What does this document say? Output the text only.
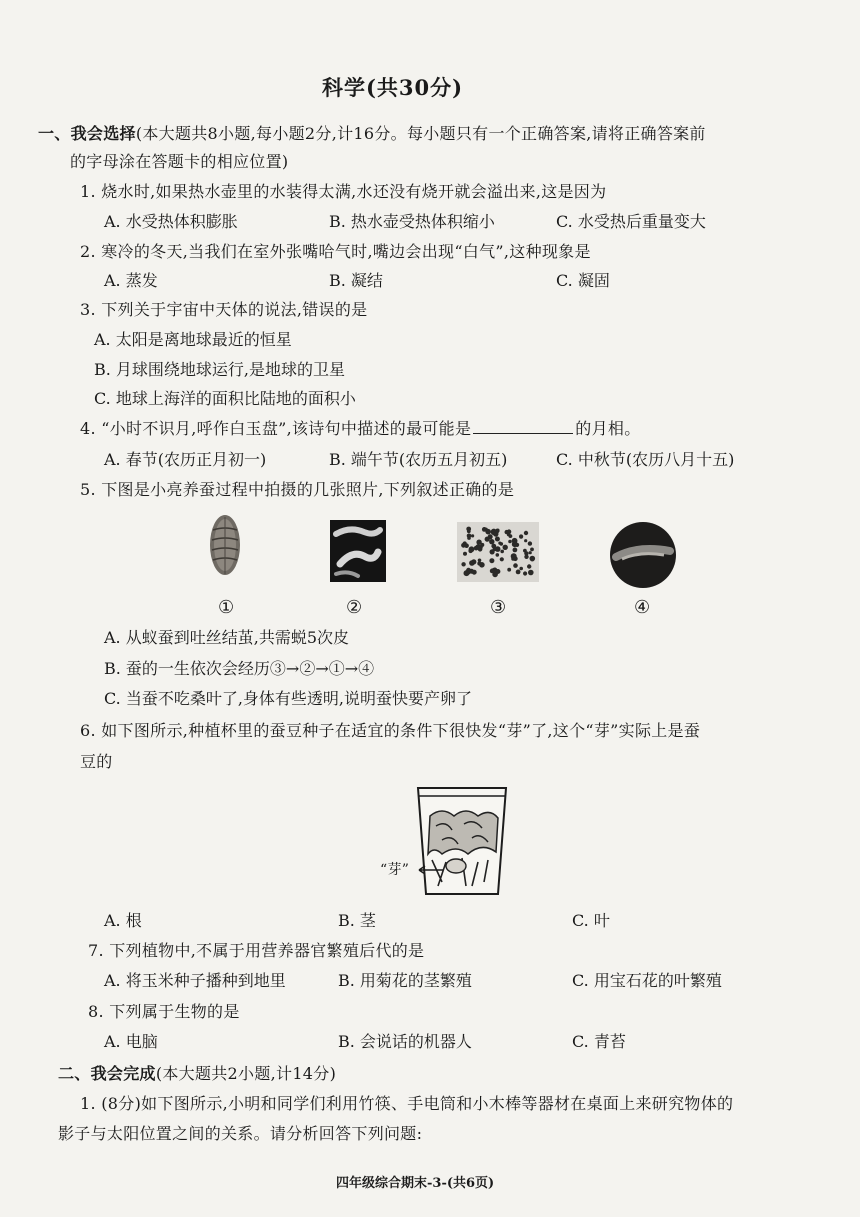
科学(共30分)
一、我会选择(本大题共8小题,每小题2分,计16分。每小题只有一个正确答案,请将正确答案前
的字母涂在答题卡的相应位置)
1. 烧水时,如果热水壶里的水装得太满,水还没有烧开就会溢出来,这是因为
A. 水受热体积膨胀	B. 热水壶受热体积缩小	C. 水受热后重量变大
2. 寒冷的冬天,当我们在室外张嘴哈气时,嘴边会出现“白气”,这种现象是
A. 蒸发	B. 凝结	C. 凝固
3. 下列关于宇宙中天体的说法,错误的是
A. 太阳是离地球最近的恒星
B. 月球围绕地球运行,是地球的卫星
C. 地球上海洋的面积比陆地的面积小
4. “小时不识月,呼作白玉盘”,该诗句中描述的最可能是	的月相。
A. 春节(农历正月初一)	B. 端午节(农历五月初五)	C. 中秋节(农历八月十五)
5. 下图是小亮养蚕过程中拍摄的几张照片,下列叙述正确的是
①	②	③	④
A. 从蚁蚕到吐丝结茧,共需蜕5次皮
B. 蚕的一生依次会经历③→②→①→④
C. 当蚕不吃桑叶了,身体有些透明,说明蚕快要产卵了
6. 如下图所示,种植杯里的蚕豆种子在适宜的条件下很快发“芽”了,这个“芽”实际上是蚕
豆的
“芽”
A. 根	B. 茎	C. 叶
7. 下列植物中,不属于用营养器官繁殖后代的是
A. 将玉米种子播种到地里	B. 用菊花的茎繁殖	C. 用宝石花的叶繁殖
8. 下列属于生物的是
A. 电脑	B. 会说话的机器人	C. 青苔
二、我会完成(本大题共2小题,计14分)
1. (8分)如下图所示,小明和同学们利用竹筷、手电筒和小木棒等器材在桌面上来研究物体的
影子与太阳位置之间的关系。请分析回答下列问题:
四年级综合期末-3-(共6页)
